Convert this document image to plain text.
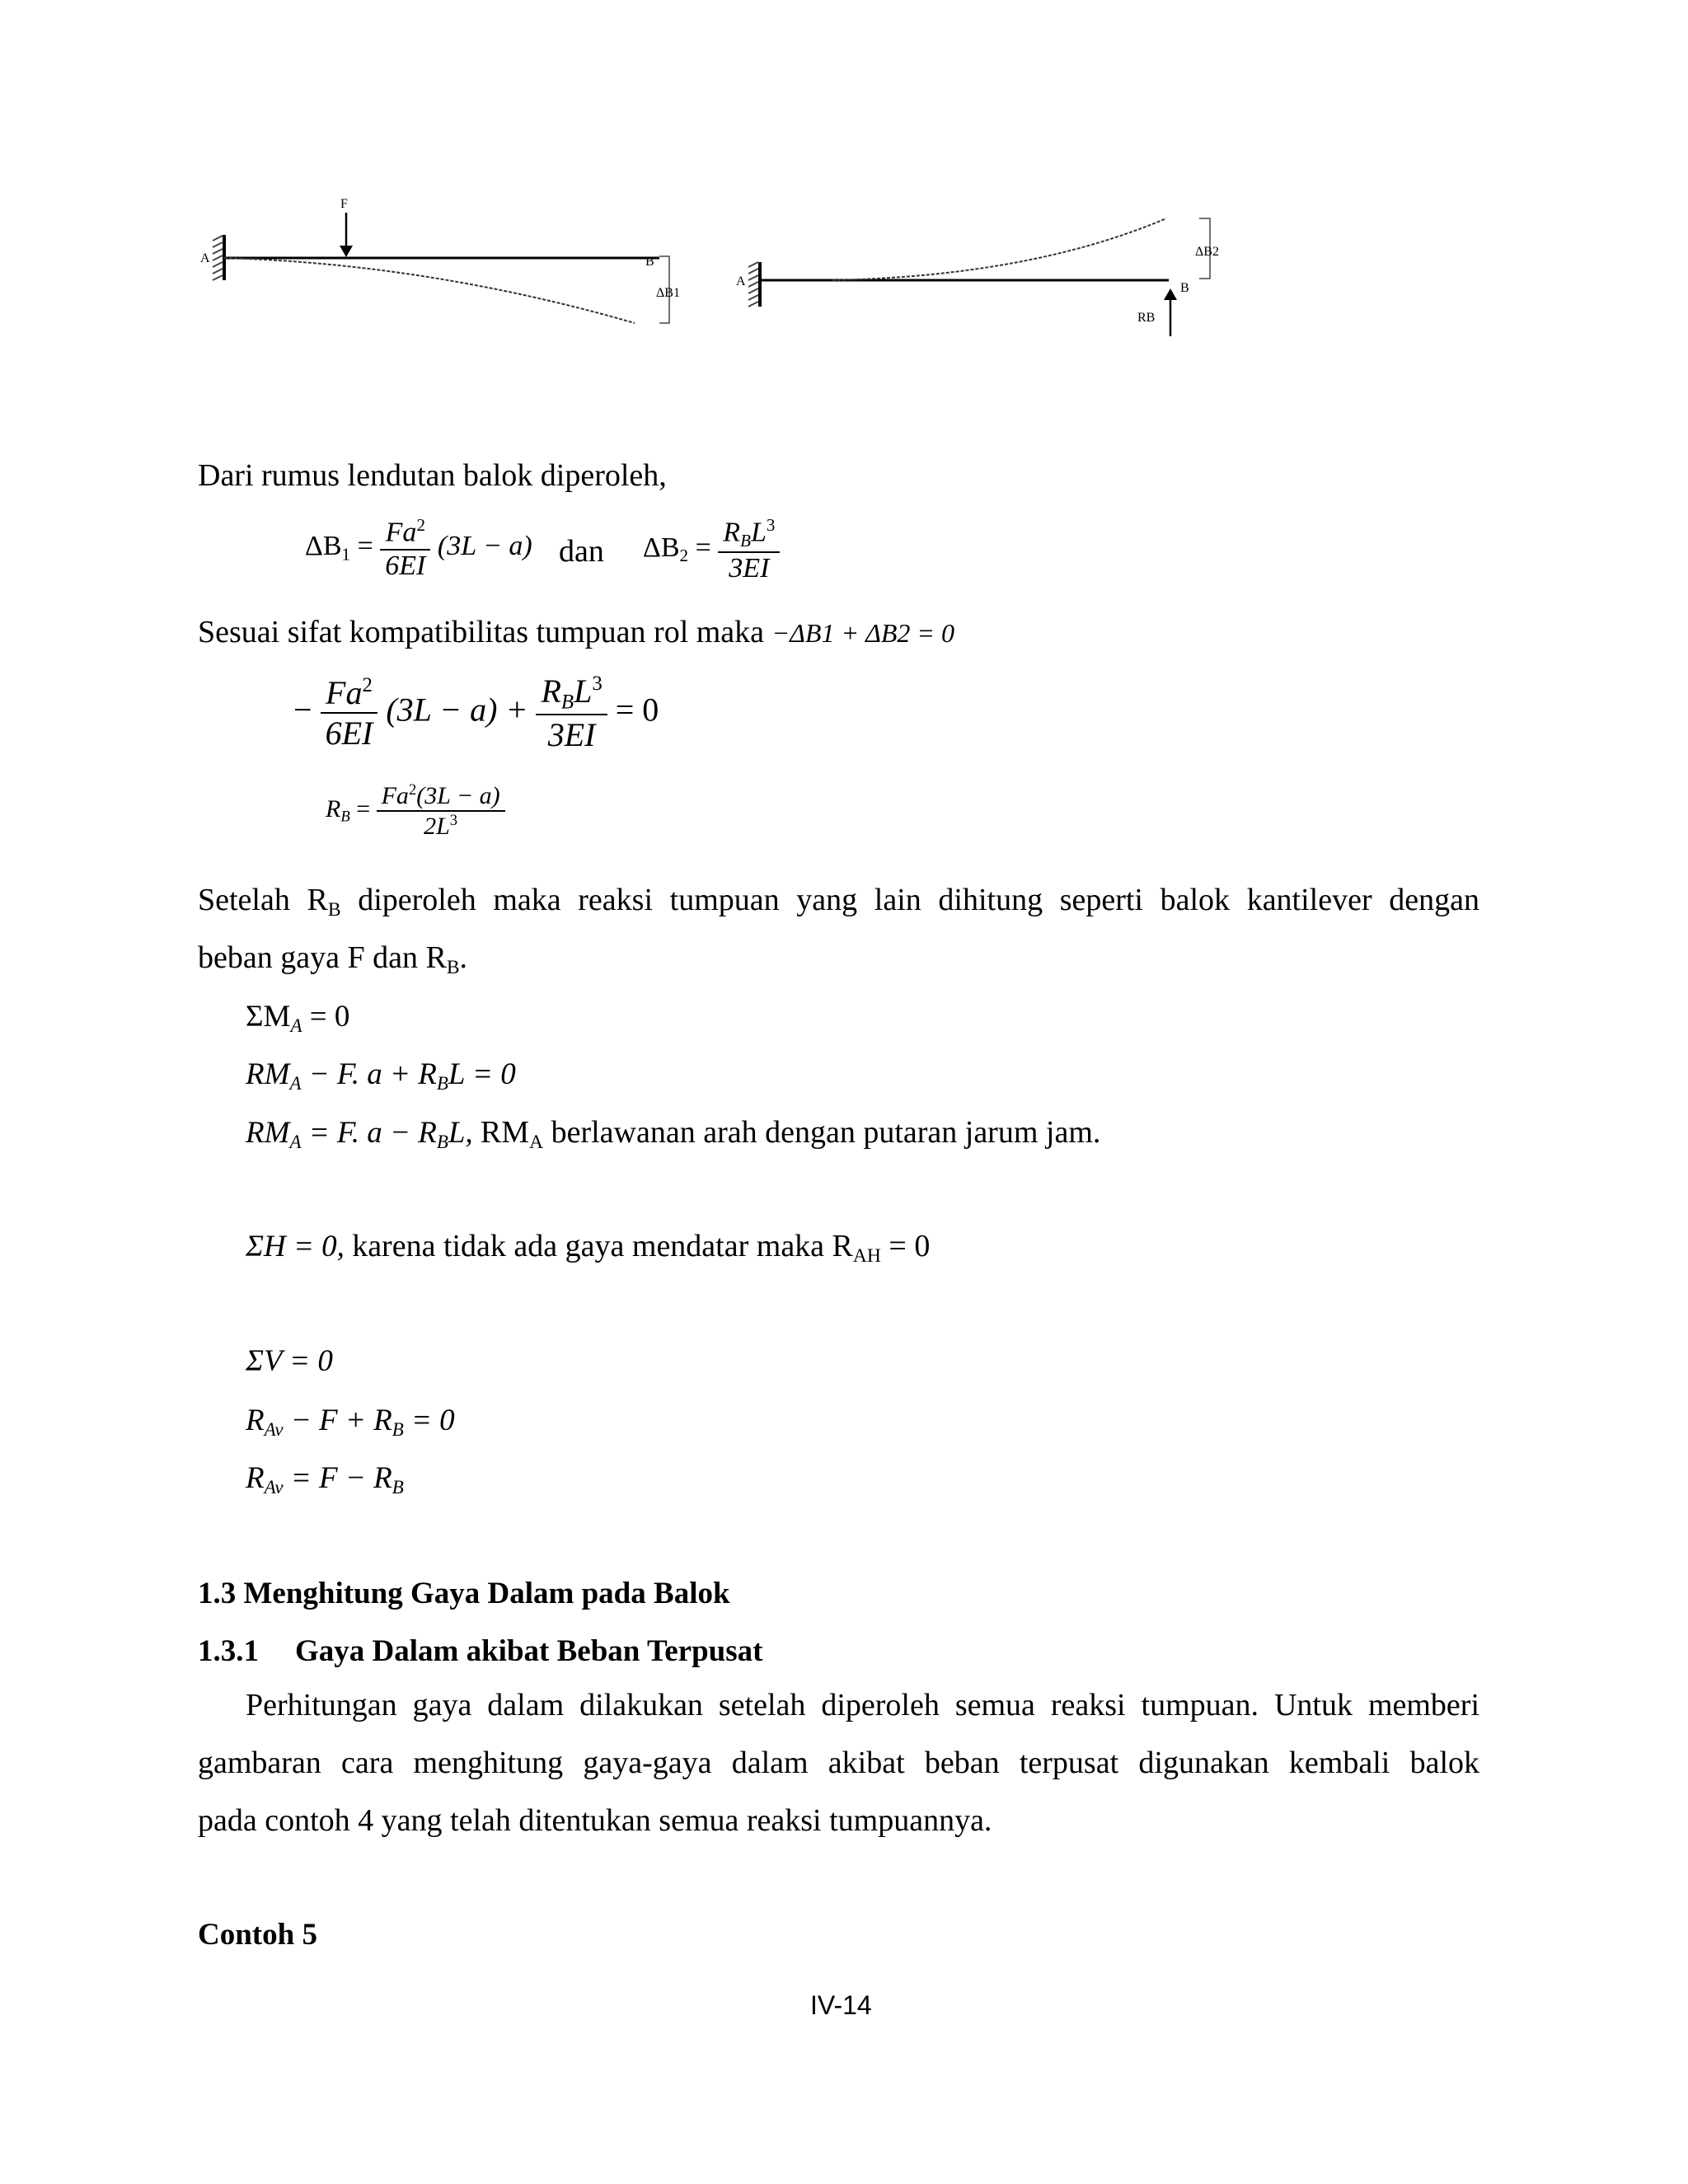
F
A	B
ΔB1
RB
A	B
ΔB2
Dari rumus lendutan balok diperoleh,
$\Delta B_1 = \frac{Fa^2}{6EI} (3L - a)$ dan $\Delta B_2 = \frac{R_BL^3}{3EI}$
Sesuai sifat kompatibilitas tumpuan rol maka −ΔB1 + ΔB2 = 0
− $\frac{Fa^2}{6EI} (3L - a) + \frac{R_BL^3}{3EI} = 0$
$R_B = \frac{Fa^2(3L - a)}{2L^3}$
Setelah $R_B$ diperoleh maka reaksi tumpuan yang lain dihitung seperti balok kantilever dengan
beban gaya F dan $R_B$.
$\Sigma M_A = 0$
$RM_A - F$. $a + R_BL = 0$
$RM_A = F$. $a - R_BL$, $RM_A$ berlawanan arah dengan putaran jarum jam.
ΣH = 0, karena tidak ada gaya mendatar maka $R_{AH} = 0$
ΣV = 0
$R_{Av} - F + R_B = 0$
$R_{Av} = F - R_B$
1.3 Menghitung Gaya Dalam pada Balok
1.3.1 Gaya Dalam akibat Beban Terpusat
Perhitungan gaya dalam dilakukan setelah diperoleh semua reaksi tumpuan. Untuk memberi
gambaran cara menghitung gaya-gaya dalam akibat beban terpusat digunakan kembali balok
pada contoh 4 yang telah ditentukan semua reaksi tumpuannya.
Contoh 5
IV-14
